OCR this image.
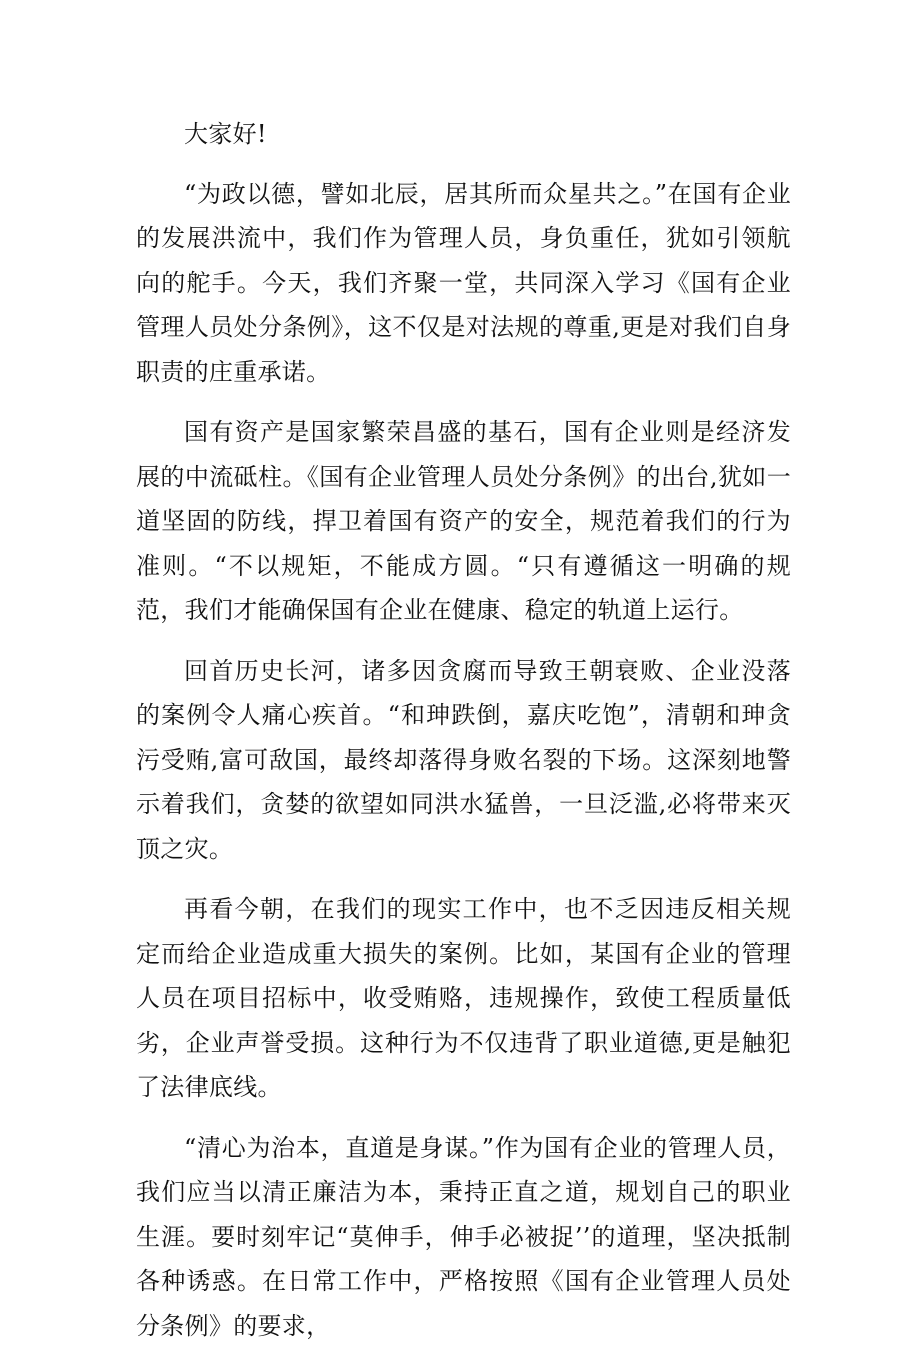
大家好!

“为政以德，譬如北辰，居其所而众星共之。”在国有企业的发展洪流中，我们作为管理人员，身负重任，犹如引领航向的舵手。今天，我们齐聚一堂，共同深入学习《国有企业管理人员处分条例》，这不仅是对法规的尊重,更是对我们自身职责的庄重承诺。

国有资产是国家繁荣昌盛的基石，国有企业则是经济发展的中流砥柱。《国有企业管理人员处分条例》的出台,犹如一道坚固的防线，捍卫着国有资产的安全，规范着我们的行为准则。“不以规矩，不能成方圆。“只有遵循这一明确的规范，我们才能确保国有企业在健康、稳定的轨道上运行。

回首历史长河，诸多因贪腐而导致王朝衰败、企业没落的案例令人痛心疾首。“和珅跌倒，嘉庆吃饱”，清朝和珅贪污受贿,富可敌国，最终却落得身败名裂的下场。这深刻地警示着我们，贪婪的欲望如同洪水猛兽，一旦泛滥,必将带来灭顶之灾。

再看今朝，在我们的现实工作中，也不乏因违反相关规定而给企业造成重大损失的案例。比如，某国有企业的管理人员在项目招标中，收受贿赂，违规操作，致使工程质量低劣，企业声誉受损。这种行为不仅违背了职业道德,更是触犯了法律底线。

“清心为治本，直道是身谋。”作为国有企业的管理人员，我们应当以清正廉洁为本，秉持正直之道，规划自己的职业生涯。要时刻牢记“莫伸手，伸手必被捉’’的道理，坚决抵制各种诱惑。在日常工作中，严格按照《国有企业管理人员处分条例》的要求，
